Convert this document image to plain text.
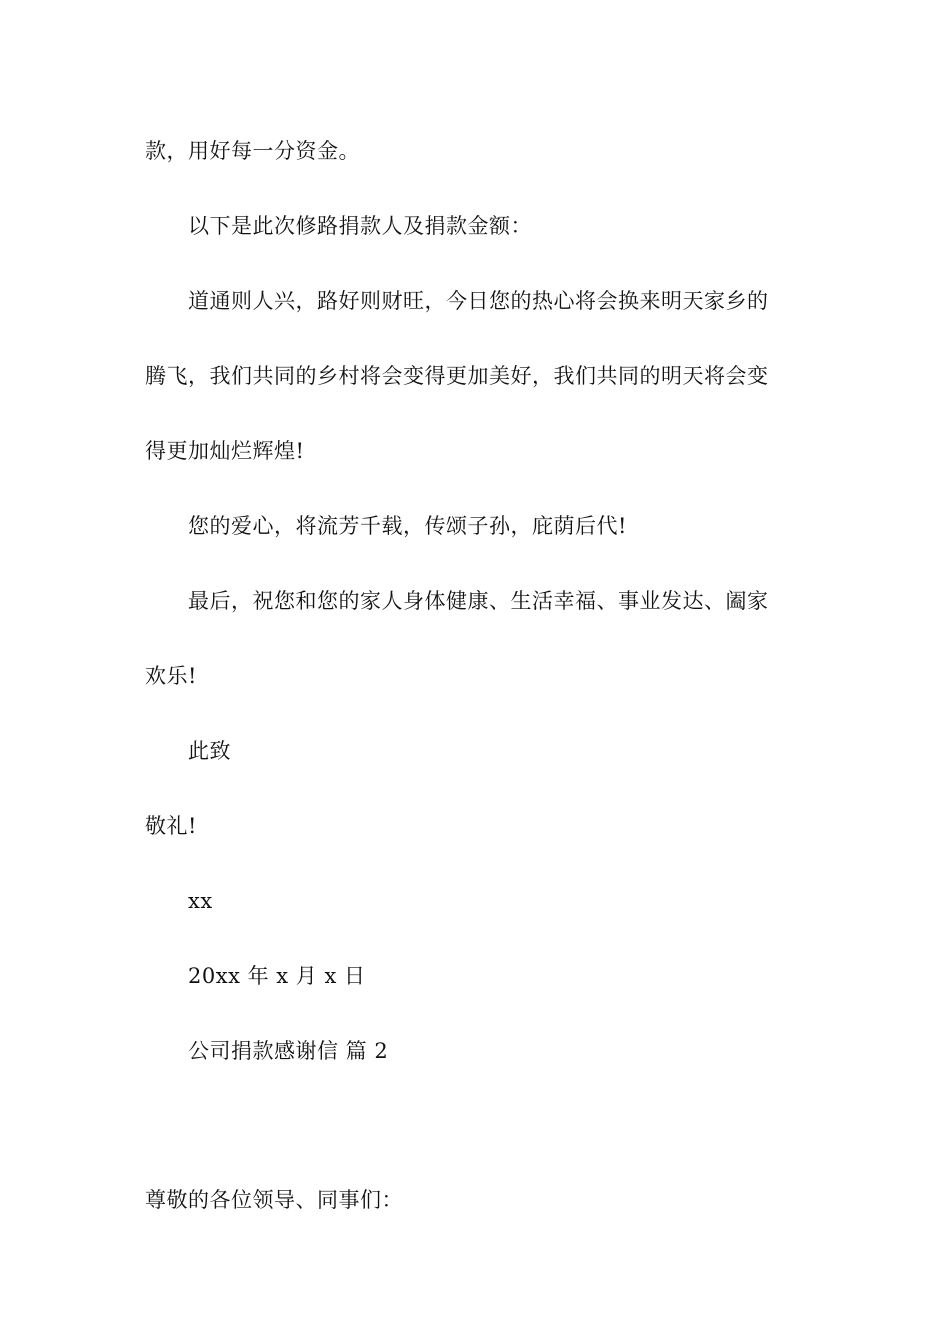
款，用好每一分资金。
以下是此次修路捐款人及捐款金额：
道通则人兴，路好则财旺，今日您的热心将会换来明天家乡的
腾飞，我们共同的乡村将会变得更加美好，我们共同的明天将会变
得更加灿烂辉煌!
您的爱心，将流芳千载，传颂子孙，庇荫后代!
最后，祝您和您的家人身体健康、生活幸福、事业发达、阖家
欢乐!
此致
敬礼!
xx
20xx 年 x 月 x 日
公司捐款感谢信 篇 2
尊敬的各位领导、同事们：
